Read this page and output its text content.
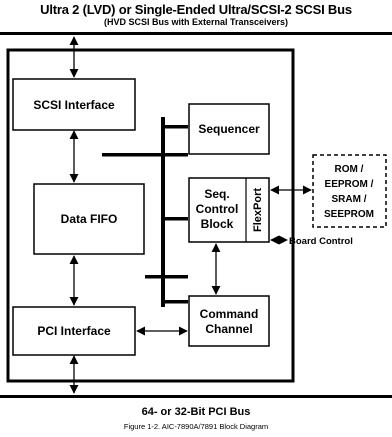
Ultra 2 (LVD) or Single-Ended Ultra/SCSI-2 SCSI Bus
(HVD SCSI Bus with External Transceivers)
SCSI Interface
Sequencer
Data FIFO
Seq.
Control
Block FlexPort
PCI Interface
Command
Channel
ROM /
EEPROM /
SRAM /
SEEPROM
Board Control
64- or 32-Bit PCI Bus
Figure 1-2. AIC-7890A/7891 Block Diagram
